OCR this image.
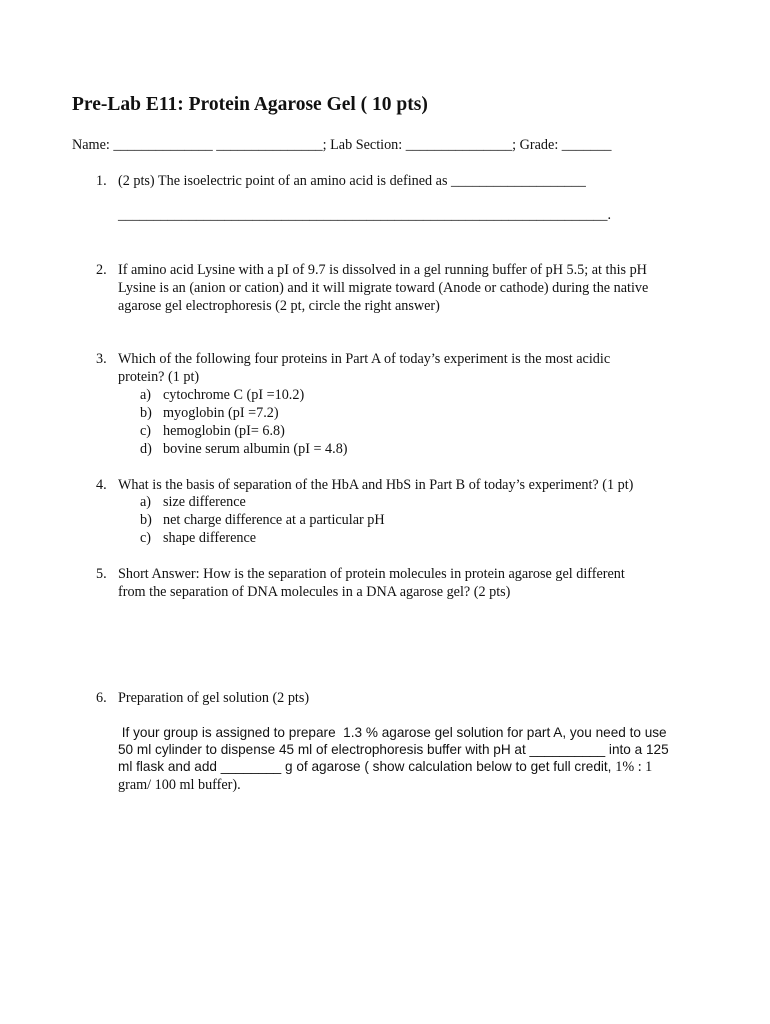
Pre-Lab E11: Protein Agarose Gel ( 10 pts)
Name: ______________ _______________; Lab Section: _______________; Grade: _______
1. (2 pts) The isoelectric point of an amino acid is defined as ___________________
_____________________________________________________________________.
2. If amino acid Lysine with a pI of 9.7 is dissolved in a gel running buffer of pH 5.5; at this pH
Lysine is an (anion or cation) and it will migrate toward (Anode or cathode) during the native
agarose gel electrophoresis (2 pt, circle the right answer)
3. Which of the following four proteins in Part A of today’s experiment is the most acidic
protein? (1 pt)
a) cytochrome C (pI =10.2)
b) myoglobin (pI =7.2)
c) hemoglobin (pI= 6.8)
d) bovine serum albumin (pI = 4.8)
4. What is the basis of separation of the HbA and HbS in Part B of today’s experiment? (1 pt)
a) size difference
b) net charge difference at a particular pH
c) shape difference
5. Short Answer: How is the separation of protein molecules in protein agarose gel different
from the separation of DNA molecules in a DNA agarose gel? (2 pts)
6. Preparation of gel solution (2 pts)
If your group is assigned to prepare  1.3 % agarose gel solution for part A, you need to use
50 ml cylinder to dispense 45 ml of electrophoresis buffer with pH at __________ into a 125
ml flask and add ________ g of agarose ( show calculation below to get full credit, 1% : 1
gram/ 100 ml buffer).
